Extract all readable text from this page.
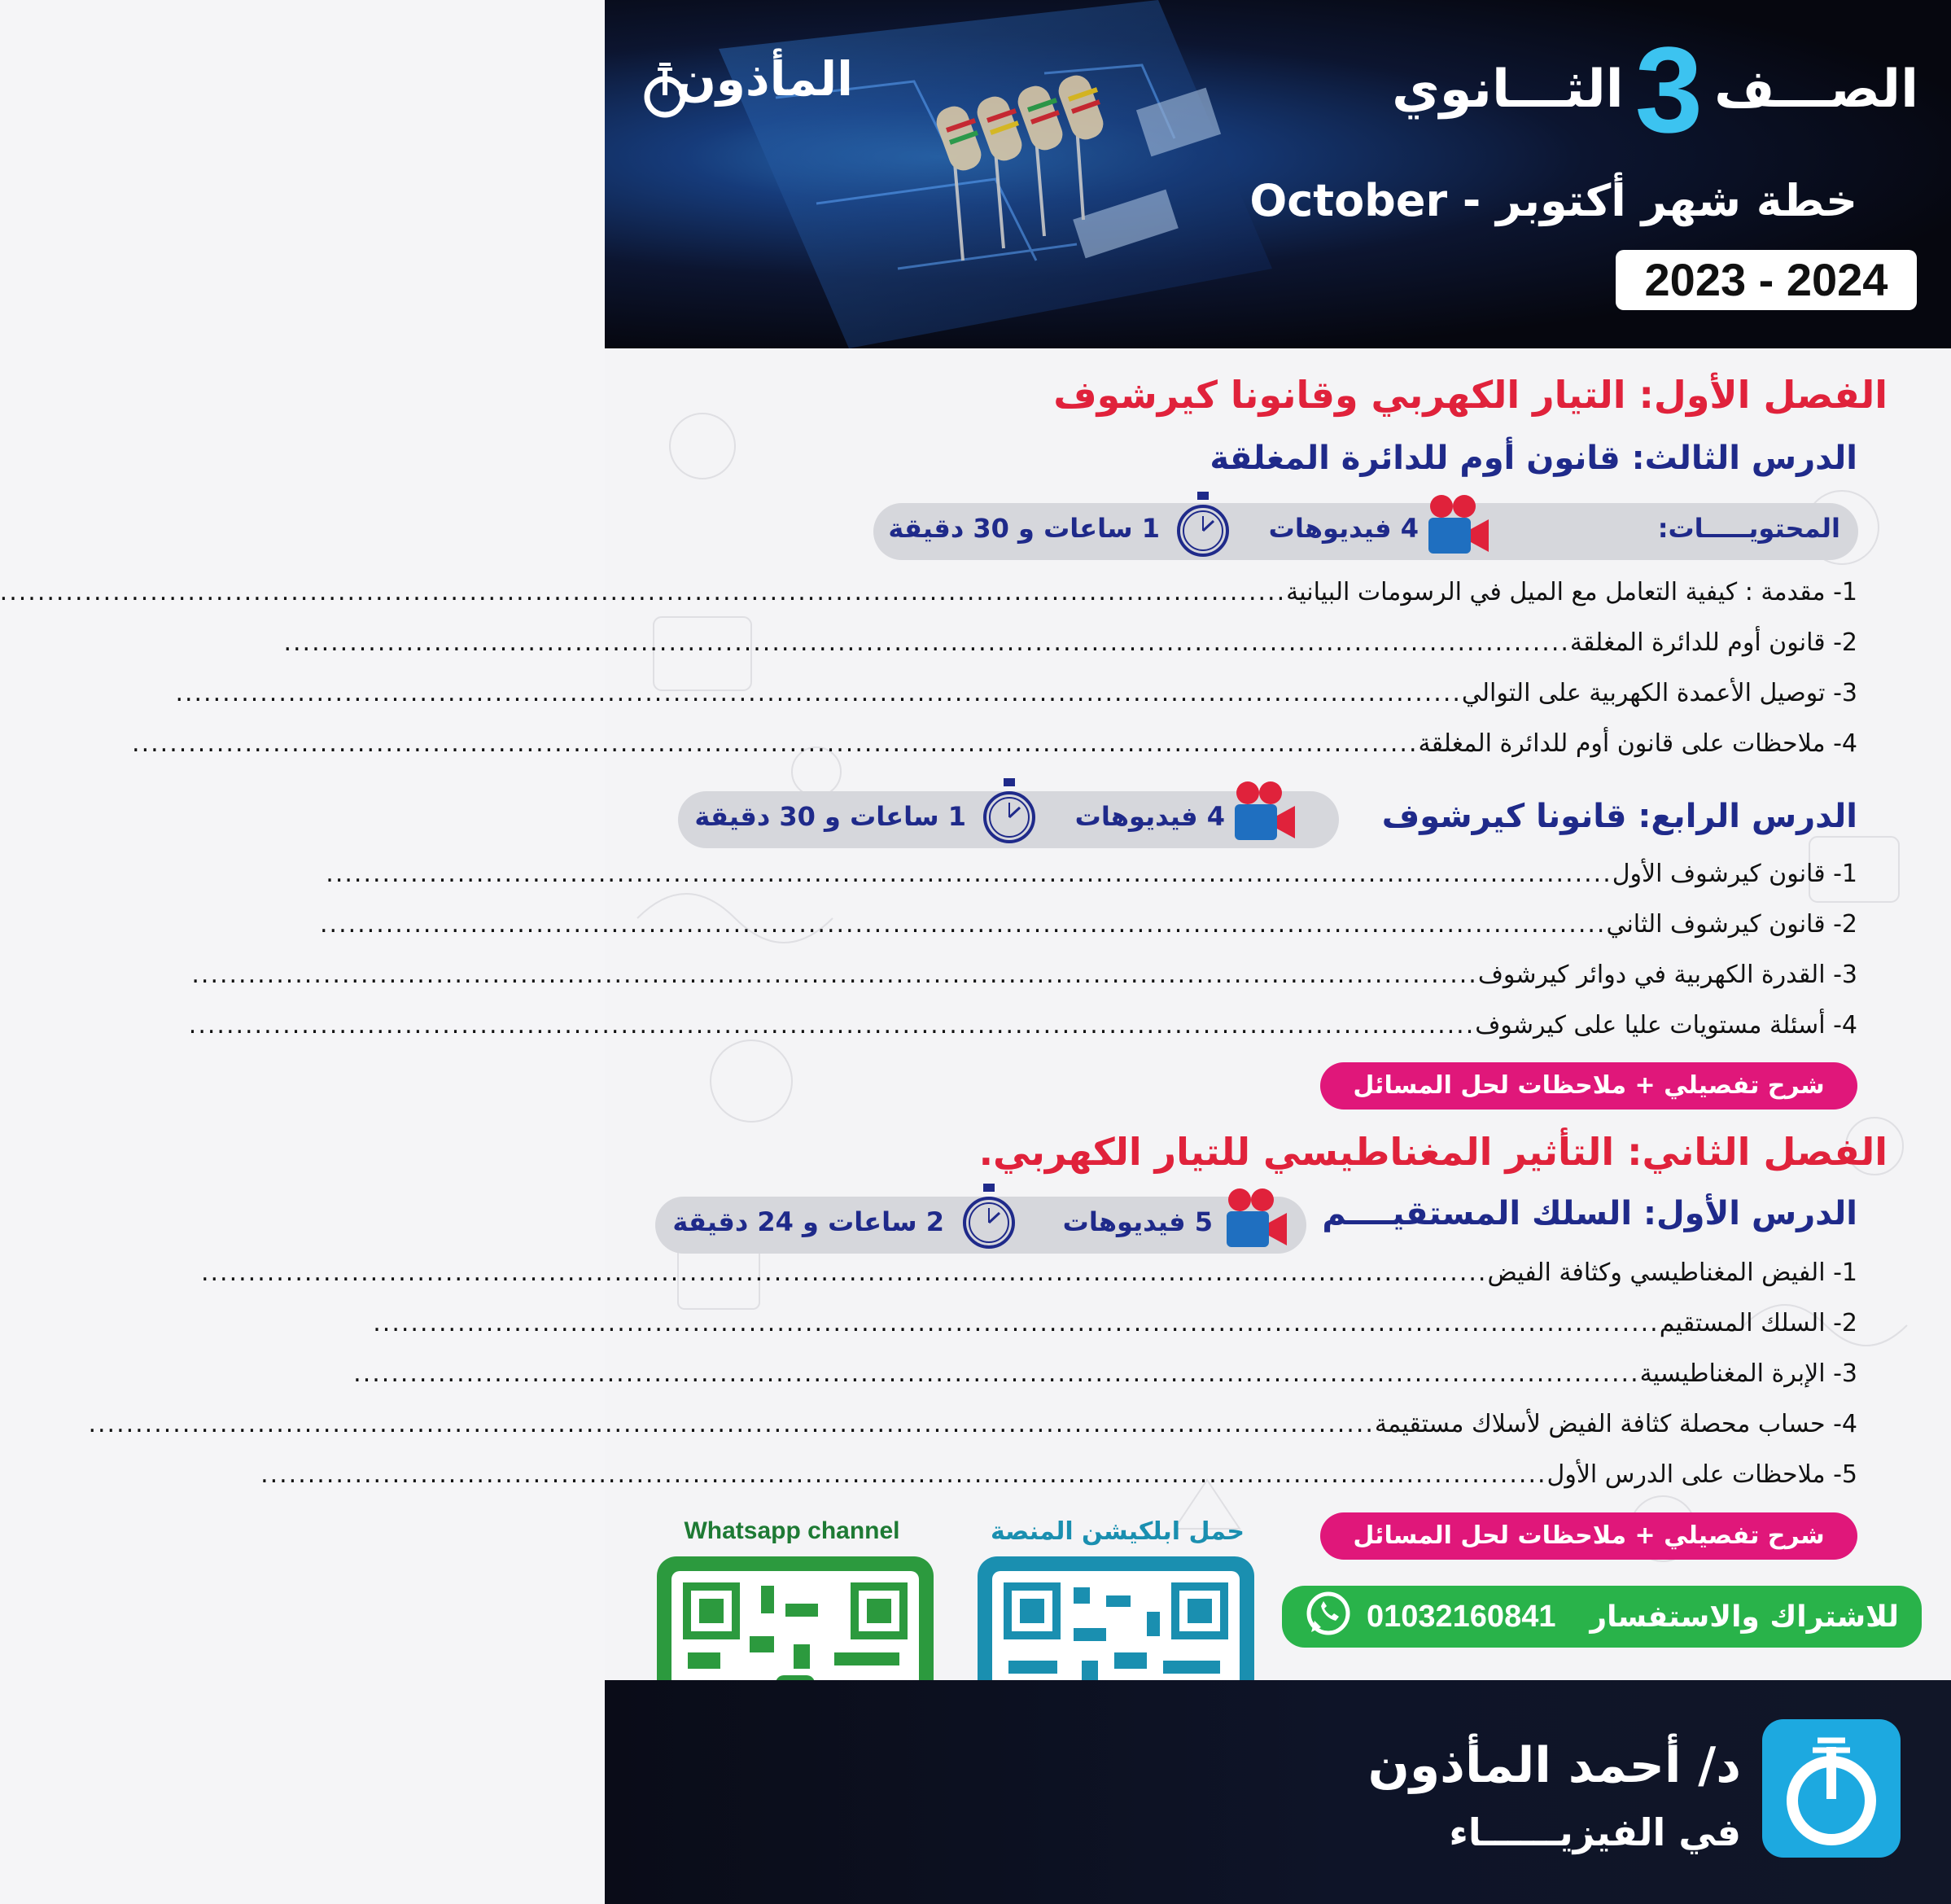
المأذون	الصـــف
3
الثـــانوي
خطة شهر أكتوبر - October
2023 - 2024
الفصل الأول: التيار الكهربي وقانونا كيرشوف
الدرس الثالث: قانون أوم للدائرة المغلقة
المحتويـــــات:
4 فيديوهات
1 ساعات و 30 دقيقة
1- مقدمة : كيفية التعامل مع الميل في الرسومات البيانية
.........................................................................................................................................
2- قانون أوم للدائرة المغلقة
.........................................................................................................................................
3- توصيل الأعمدة الكهربية على التوالي
.........................................................................................................................................
4- ملاحظات على قانون أوم للدائرة المغلقة
.........................................................................................................................................
الدرس الرابع: قانونا كيرشوف
4 فيديوهات
1 ساعات و 30 دقيقة
1- قانون كيرشوف الأول
.........................................................................................................................................
2- قانون كيرشوف الثاني
.........................................................................................................................................
3- القدرة الكهربية في دوائر كيرشوف
.........................................................................................................................................
4- أسئلة مستويات عليا على كيرشوف
.........................................................................................................................................
شرح تفصيلي + ملاحظات لحل المسائل
الفصل الثاني: التأثير المغناطيسي للتيار الكهربي.
الدرس الأول: السلك المستقيــــم
5 فيديوهات
2 ساعات و 24 دقيقة
1- الفيض المغناطيسي وكثافة الفيض
.........................................................................................................................................
2- السلك المستقيم
.........................................................................................................................................
3- الإبرة المغناطيسية
.........................................................................................................................................
4- حساب محصلة كثافة الفيض لأسلاك مستقيمة
.........................................................................................................................................
5- ملاحظات على الدرس الأول
.........................................................................................................................................
شرح تفصيلي + ملاحظات لحل المسائل
للاشتراك والاستفسار
01032160841
حمل ابلكيشن المنصة
Whatsapp channel
د/ أحمد المأذون
في الفيزيــــــاء
